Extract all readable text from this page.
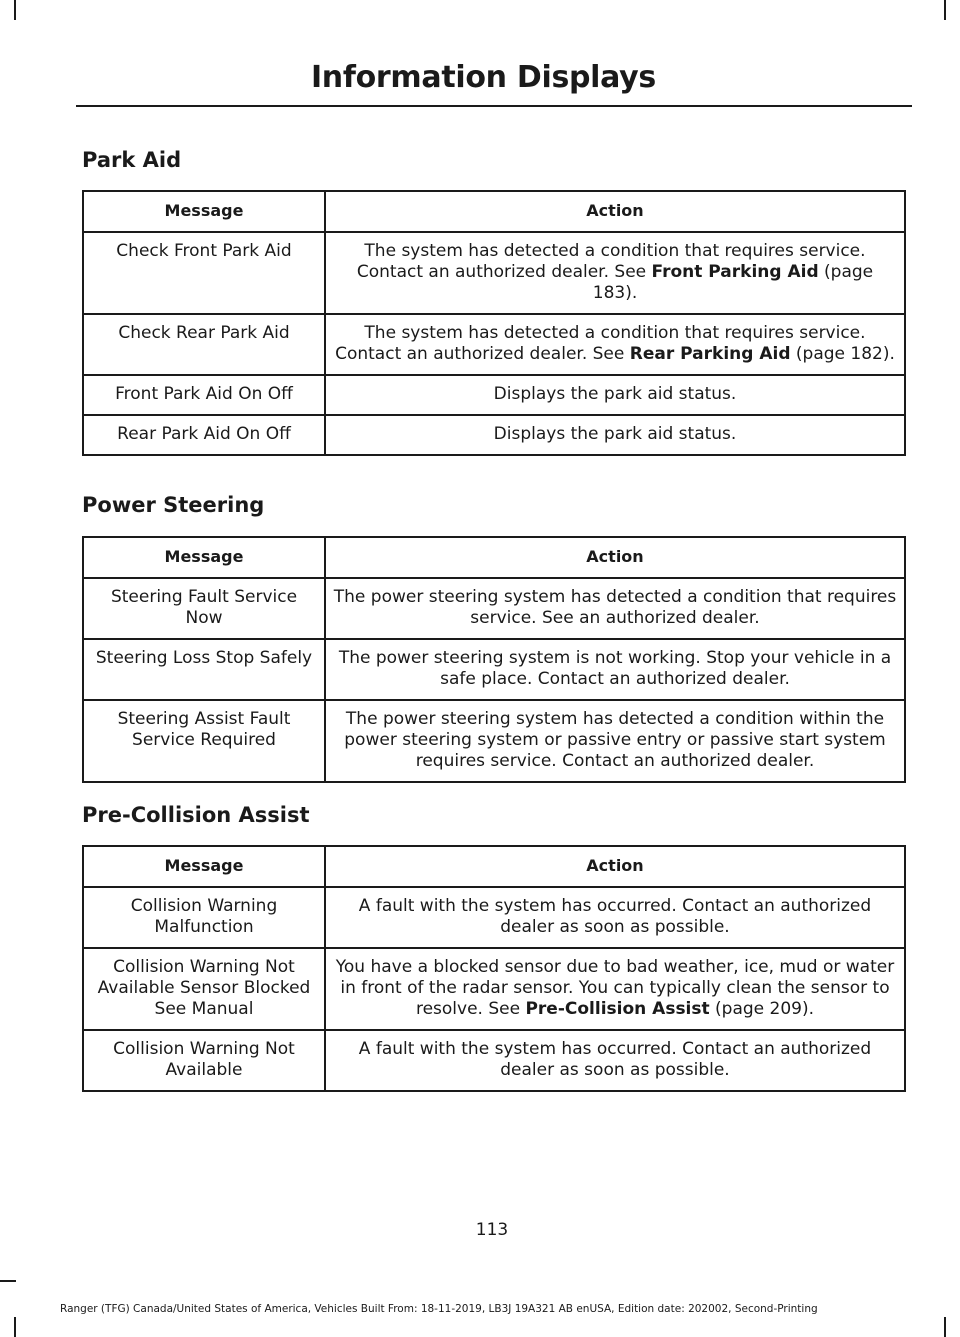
Information Displays
Park Aid
Message	Action
Check Front Park Aid	The system has detected a condition that requires service. Contact an authorized dealer. See Front Parking Aid (page 183).
Check Rear Park Aid	The system has detected a condition that requires service. Contact an authorized dealer. See Rear Parking Aid (page 182).
Front Park Aid On Off	Displays the park aid status.
Rear Park Aid On Off	Displays the park aid status.
Power Steering
Message	Action
Steering Fault Service Now	The power steering system has detected a condition that requires service. See an authorized dealer.
Steering Loss Stop Safely	The power steering system is not working. Stop your vehicle in a safe place. Contact an authorized dealer.
Steering Assist Fault Service Required	The power steering system has detected a condition within the power steering system or passive entry or passive start system requires service. Contact an authorized dealer.
Pre-Collision Assist
Message	Action
Collision Warning Malfunction	A fault with the system has occurred. Contact an authorized dealer as soon as possible.
Collision Warning Not Available Sensor Blocked See Manual	You have a blocked sensor due to bad weather, ice, mud or water in front of the radar sensor. You can typically clean the sensor to resolve. See Pre-Collision Assist (page 209).
Collision Warning Not Available	A fault with the system has occurred. Contact an authorized dealer as soon as possible.
113
Ranger (TFG) Canada/United States of America, Vehicles Built From: 18-11-2019, LB3J 19A321 AB enUSA, Edition date: 202002, Second-Printing
